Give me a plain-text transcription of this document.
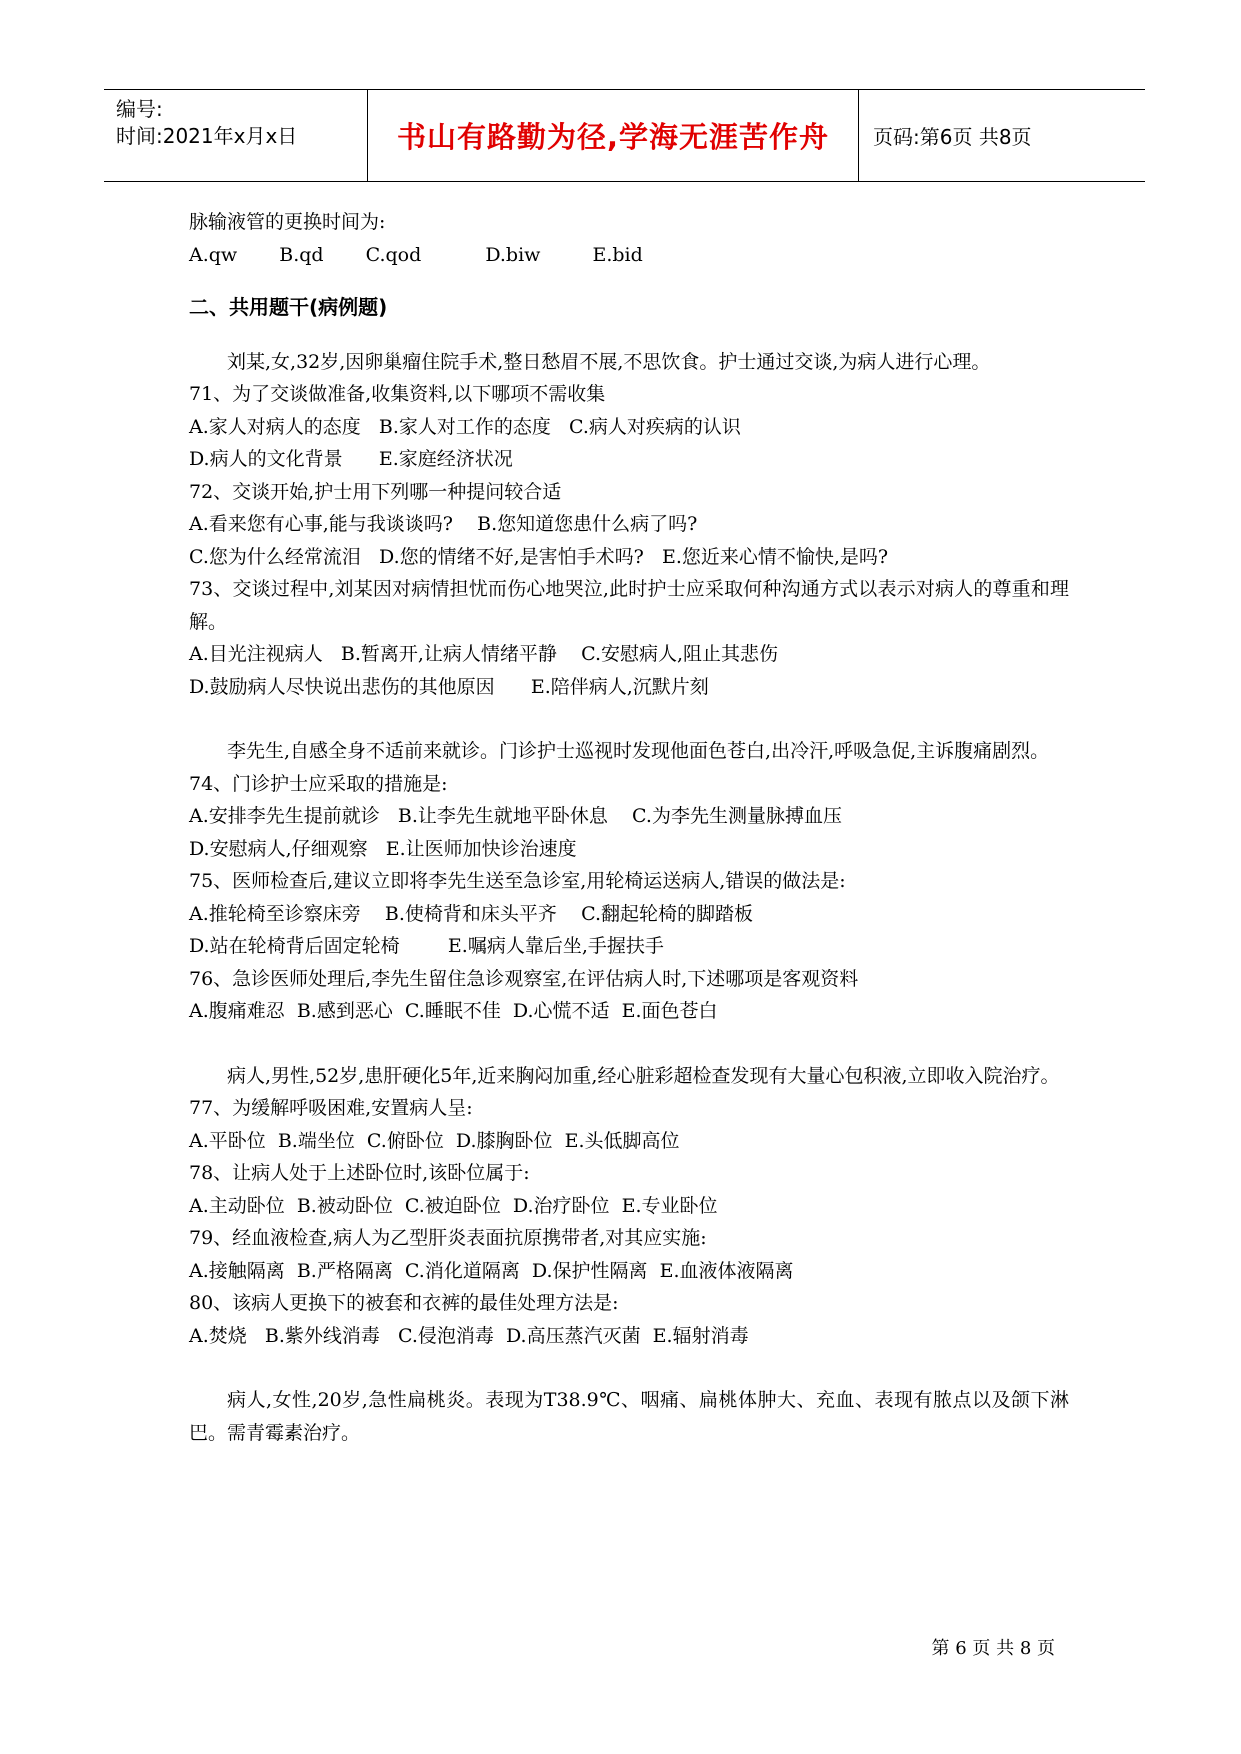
编号:
时间:2021年x月x日	书山有路勤为径,学海无涯苦作舟 页码:第6页 共8页
脉输液管的更换时间为:
A.qw B.qd C.qod	D.biw	E.bid
二、共用题干(病例题)
刘某,女,32岁,因卵巢瘤住院手术,整日愁眉不展,不思饮食。护士通过交谈,为病人进行心理。
71、为了交谈做准备,收集资料,以下哪项不需收集
A.家人对病人的态度   B.家人对工作的态度   C.病人对疾病的认识
D.病人的文化背景      E.家庭经济状况
72、交谈开始,护士用下列哪一种提问较合适
A.看来您有心事,能与我谈谈吗?    B.您知道您患什么病了吗?
C.您为什么经常流泪   D.您的情绪不好,是害怕手术吗?   E.您近来心情不愉快,是吗?
73、交谈过程中,刘某因对病情担忧而伤心地哭泣,此时护士应采取何种沟通方式以表示对病人的尊重和理解。
A.目光注视病人   B.暂离开,让病人情绪平静    C.安慰病人,阻止其悲伤
D.鼓励病人尽快说出悲伤的其他原因      E.陪伴病人,沉默片刻
李先生,自感全身不适前来就诊。门诊护士巡视时发现他面色苍白,出冷汗,呼吸急促,主诉腹痛剧烈。
74、门诊护士应采取的措施是:
A.安排李先生提前就诊   B.让李先生就地平卧休息    C.为李先生测量脉搏血压
D.安慰病人,仔细观察   E.让医师加快诊治速度
75、医师检查后,建议立即将李先生送至急诊室,用轮椅运送病人,错误的做法是:
A.推轮椅至诊察床旁    B.使椅背和床头平齐    C.翻起轮椅的脚踏板
D.站在轮椅背后固定轮椅        E.嘱病人靠后坐,手握扶手
76、急诊医师处理后,李先生留住急诊观察室,在评估病人时,下述哪项是客观资料
A.腹痛难忍  B.感到恶心  C.睡眠不佳  D.心慌不适  E.面色苍白
病人,男性,52岁,患肝硬化5年,近来胸闷加重,经心脏彩超检查发现有大量心包积液,立即收入院治疗。
77、为缓解呼吸困难,安置病人呈:
A.平卧位  B.端坐位  C.俯卧位  D.膝胸卧位  E.头低脚高位
78、让病人处于上述卧位时,该卧位属于:
A.主动卧位  B.被动卧位  C.被迫卧位  D.治疗卧位  E.专业卧位
79、经血液检查,病人为乙型肝炎表面抗原携带者,对其应实施:
A.接触隔离  B.严格隔离  C.消化道隔离  D.保护性隔离  E.血液体液隔离
80、该病人更换下的被套和衣裤的最佳处理方法是:
A.焚烧   B.紫外线消毒   C.侵泡消毒  D.高压蒸汽灭菌  E.辐射消毒
病人,女性,20岁,急性扁桃炎。表现为T38.9℃、咽痛、扁桃体肿大、充血、表现有脓点以及颌下淋巴。需青霉素治疗。
第 6 页 共 8 页
